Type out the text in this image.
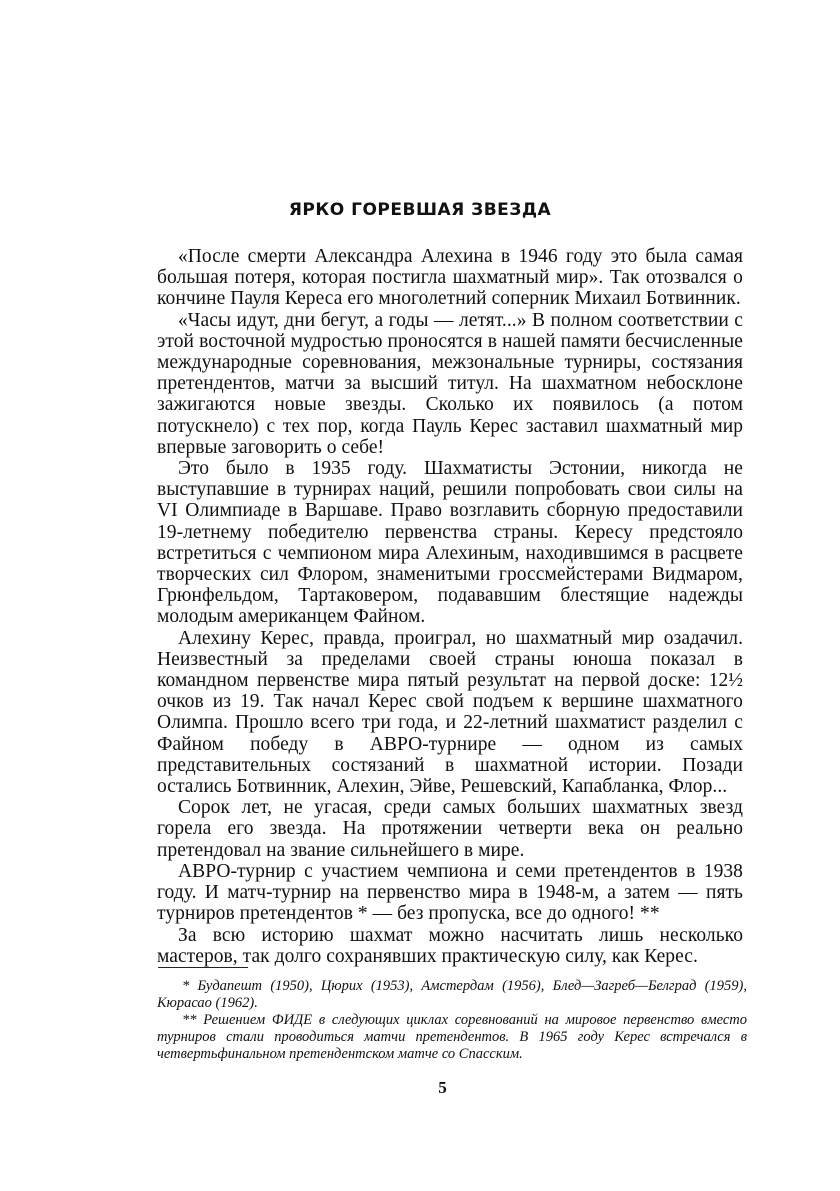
ЯРКО ГОРЕВШАЯ ЗВЕЗДА

«После смерти Александра Алехина в 1946 году это была самая большая потеря, которая постигла шахматный мир». Так отозвался о кончине Пауля Кереса его многолетний соперник Михаил Ботвинник.

«Часы идут, дни бегут, а годы — летят...» В полном соответствии с этой восточной мудростью проносятся в нашей памяти бесчисленные международные соревнования, межзональные турниры, состязания претендентов, матчи за высший титул. На шахматном небосклоне зажигаются новые звезды. Сколько их появилось (а потом потускнело) с тех пор, когда Пауль Керес заставил шахматный мир впервые заговорить о себе!

Это было в 1935 году. Шахматисты Эстонии, никогда не выступавшие в турнирах наций, решили попробовать свои силы на VI Олимпиаде в Варшаве. Право возглавить сборную предоставили 19-летнему победителю первенства страны. Кересу предстояло встретиться с чемпионом мира Алехиным, находившимся в расцвете творческих сил Флором, знаменитыми гроссмейстерами Видмаром, Грюнфельдом, Тартаковером, подававшим блестящие надежды молодым американцем Файном.

Алехину Керес, правда, проиграл, но шахматный мир озадачил. Неизвестный за пределами своей страны юноша показал в командном первенстве мира пятый результат на первой доске: 12½ очков из 19. Так начал Керес свой подъем к вершине шахматного Олимпа. Прошло всего три года, и 22-летний шахматист разделил с Файном победу в АВРО-турнире — одном из самых представительных состязаний в шахматной истории. Позади остались Ботвинник, Алехин, Эйве, Решевский, Капабланка, Флор...

Сорок лет, не угасая, среди самых больших шахматных звезд горела его звезда. На протяжении четверти века он реально претендовал на звание сильнейшего в мире.

АВРО-турнир с участием чемпиона и семи претендентов в 1938 году. И матч-турнир на первенство мира в 1948-м, а затем — пять турниров претендентов * — без пропуска, все до одного! **

За всю историю шахмат можно насчитать лишь несколько мастеров, так долго сохранявших практическую силу, как Керес.

* Будапешт (1950), Цюрих (1953), Амстердам (1956), Блед—Загреб—Белград (1959), Кюрасао (1962).

** Решением ФИДЕ в следующих циклах соревнований на мировое первенство вместо турниров стали проводиться матчи претендентов. В 1965 году Керес встречался в четвертьфинальном претендентском матче со Спасским.

5
